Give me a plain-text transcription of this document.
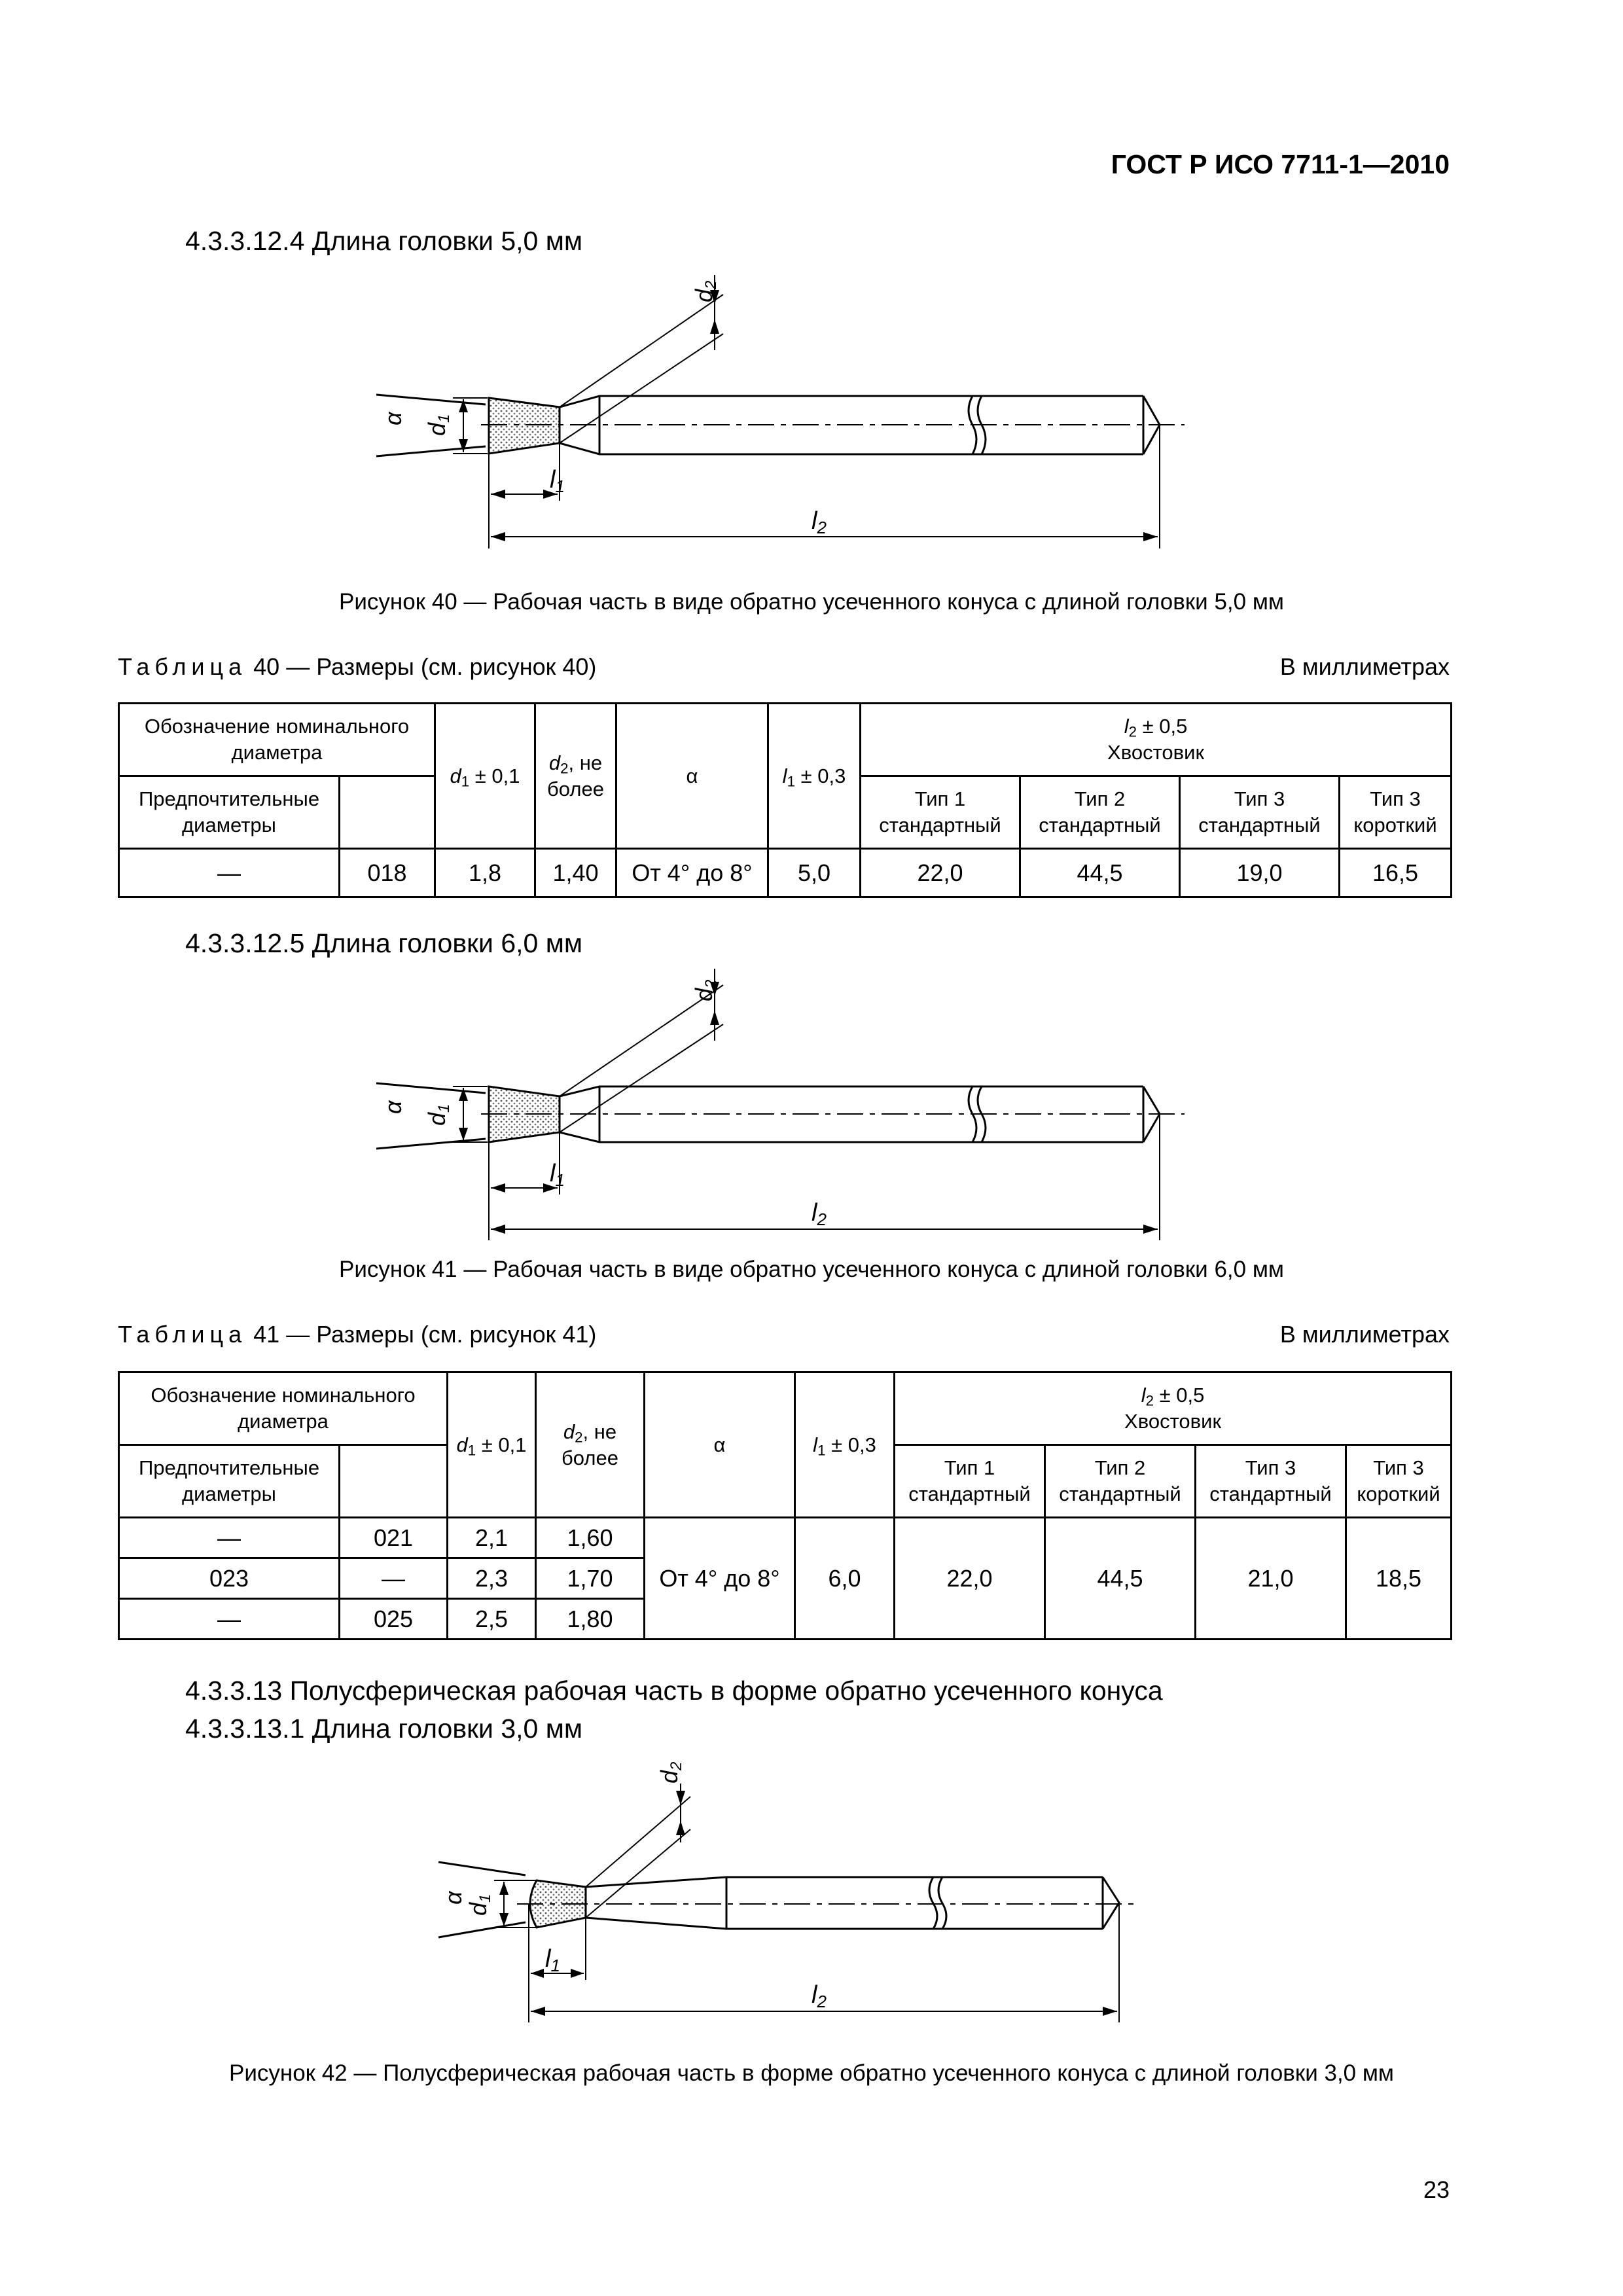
ГОСТ Р ИСО 7711-1—2010
4.3.3.12.4 Длина головки 5,0 мм
α
d1
d2
l1
l2
Рисунок 40 — Рабочая часть в виде обратно усеченного конуса с длиной головки 5,0 мм
Таблица 40 — Размеры (см. рисунок 40)	В миллиметрах
Обозначение номинального диаметра		$d_1 \pm 0,1$	$d_2$, не более	α	$l_1 \pm 0,3$	$l_2 \pm 0,5$
Хвостовик			
Предпочтительные диаметры						Тип 1 стандартный	Тип 2 стандартный	Тип 3 стандартный	Тип 3 короткий
—	018	1,8	1,40	От 4° до 8°	5,0	22,0	44,5	19,0	16,5
4.3.3.12.5 Длина головки 6,0 мм
α
d1
d2
l1
l2
Рисунок 41 — Рабочая часть в виде обратно усеченного конуса с длиной головки 6,0 мм
Таблица 41 — Размеры (см. рисунок 41)	В миллиметрах
Обозначение номинального диаметра		$d_1 \pm 0,1$	$d_2$, не более	α	$l_1 \pm 0,3$	$l_2 \pm 0,5$
Хвостовик			
Предпочтительные диаметры						Тип 1 стандартный	Тип 2 стандартный	Тип 3 стандартный	Тип 3 короткий
—	021	2,1	1,60	От 4° до 8°	6,0	22,0	44,5	21,0	18,5
023	—	2,3	1,70						
—	025	2,5	1,80						
4.3.3.13 Полусферическая рабочая часть в форме обратно усеченного конуса
4.3.3.13.1 Длина головки 3,0 мм
α
d1
d2
l1
l2
Рисунок 42 — Полусферическая рабочая часть в форме обратно усеченного конуса с длиной головки 3,0 мм
23
